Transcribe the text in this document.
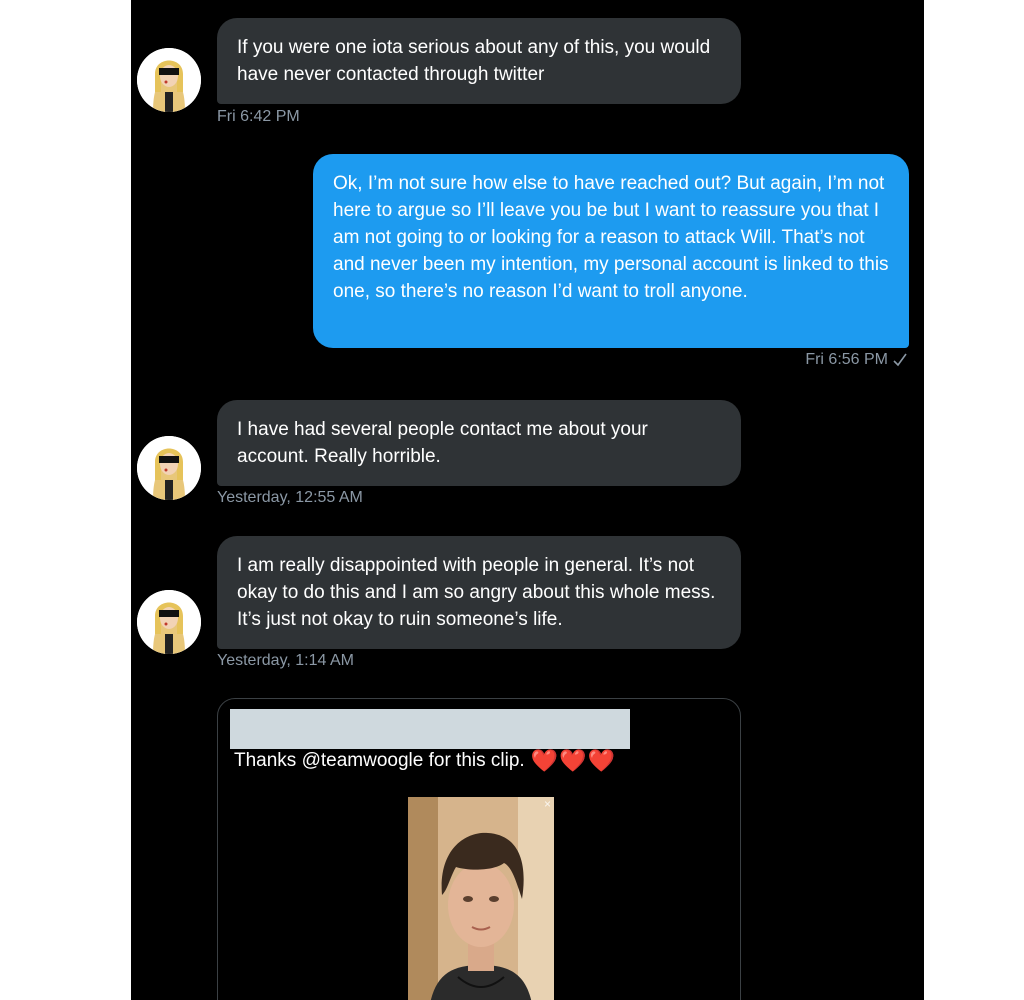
If you were one iota serious about any of this, you would have never contacted through twitter
Fri 6:42 PM
Ok, I’m not sure how else to have reached out? But again, I’m not here to argue so I’ll leave you be but I want to reassure you that I am not going to or looking for a reason to attack Will. That’s not and never been my intention, my personal account is linked to this one, so there’s no reason I’d want to troll anyone.
Fri 6:56 PM
I have had several people contact me about your account. Really horrible.
Yesterday, 12:55 AM
I am really disappointed with people in general. It’s not okay to do this and I am so angry about this whole mess. It’s just not okay to ruin someone’s life.
Yesterday, 1:14 AM
Thanks @teamwoogle for this clip. ❤️❤️❤️
×
